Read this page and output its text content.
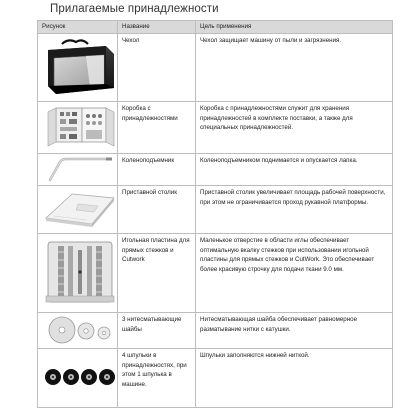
Прилагаемые принадлежности
Рисунок	Название	Цель применения

	Чехол	Чехол защищает машину от пыли и загрязнения.

	Коробка с принадлежностями	Коробка с принадлежностями служит для хранения принадлежностей в комплекте поставки, а также для специальных принадлежностей.

	Коленоподъемник	Коленоподъемником поднимается и опускается лапка.

	Приставной столик	Приставной столик увеличивает площадь рабочей поверхности, при этом не ограничивается проход рукавной платформы.

	Игольная пластина для прямых стежков и Cutwork	Маленькое отверстие в области иглы обеспечивает оптимальную вкалку стежков при использовании игольной пластины для прямых стежков и CutWork. Это обеспечивает более красивую строчку для подачи ткани 9.0 мм.

	3 нитесматывающие шайбы	Нитесматывающая шайба обеспечивает равномерное разматывание нитки с катушки.

	4 шпульки в принадлежностях, при этом 1 шпулька в машине.	Шпульки заполняются нижней ниткой.
